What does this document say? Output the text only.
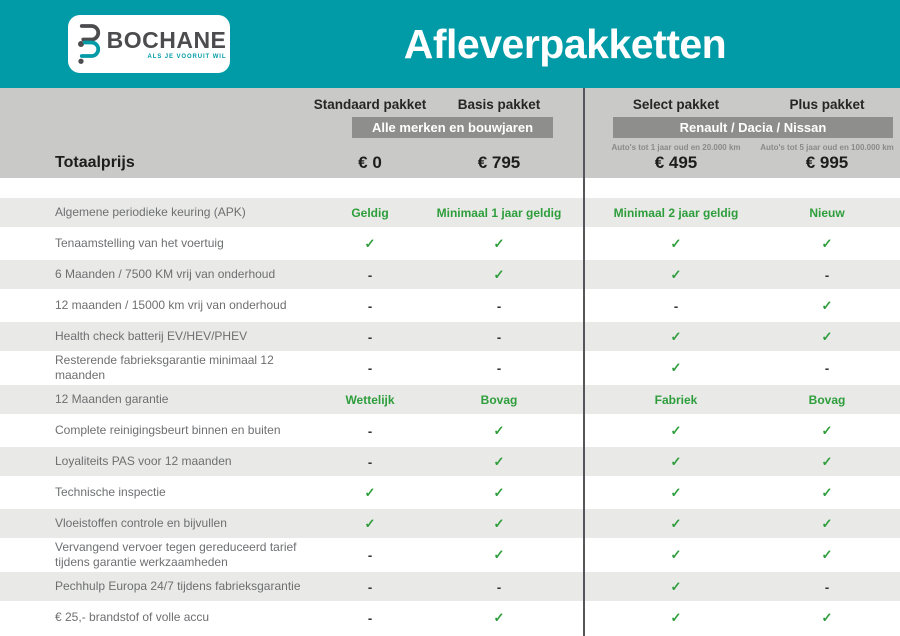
BOCHANE
ALS JE VOORUIT WIL	Afleverpakketten
Standaard pakket	Basis pakket	Select pakket	Plus pakket
Alle merken en bouwjaren	Renault / Dacia / Nissan
Auto's tot 1 jaar oud en 20.000 km	Auto's tot 5 jaar oud en 100.000 km
Totaalprijs	€ 0	€ 795	€ 495	€ 995
Algemene periodieke keuring (APK)	Geldig	Minimaal 1 jaar geldig	Minimaal 2 jaar geldig	Nieuw
Tenaamstelling van het voertuig	✓	✓	✓	✓
6 Maanden / 7500 KM vrij van onderhoud	-	✓	✓	-
12 maanden / 15000 km vrij van onderhoud	-	-	-	✓
Health check batterij EV/HEV/PHEV	-	-	✓	✓
Resterende fabrieksgarantie minimaal 12 maanden	-	-	✓	-
12 Maanden garantie	Wettelijk	Bovag	Fabriek	Bovag
Complete reinigingsbeurt binnen en buiten	-	✓	✓	✓
Loyaliteits PAS voor 12 maanden	-	✓	✓	✓
Technische inspectie	✓	✓	✓	✓
Vloeistoffen controle en bijvullen	✓	✓	✓	✓
Vervangend vervoer tegen gereduceerd tarief tijdens garantie werkzaamheden	-	✓	✓	✓
Pechhulp Europa 24/7 tijdens fabrieksgarantie	-	-	✓	-
€ 25,- brandstof of volle accu	-	✓	✓	✓
